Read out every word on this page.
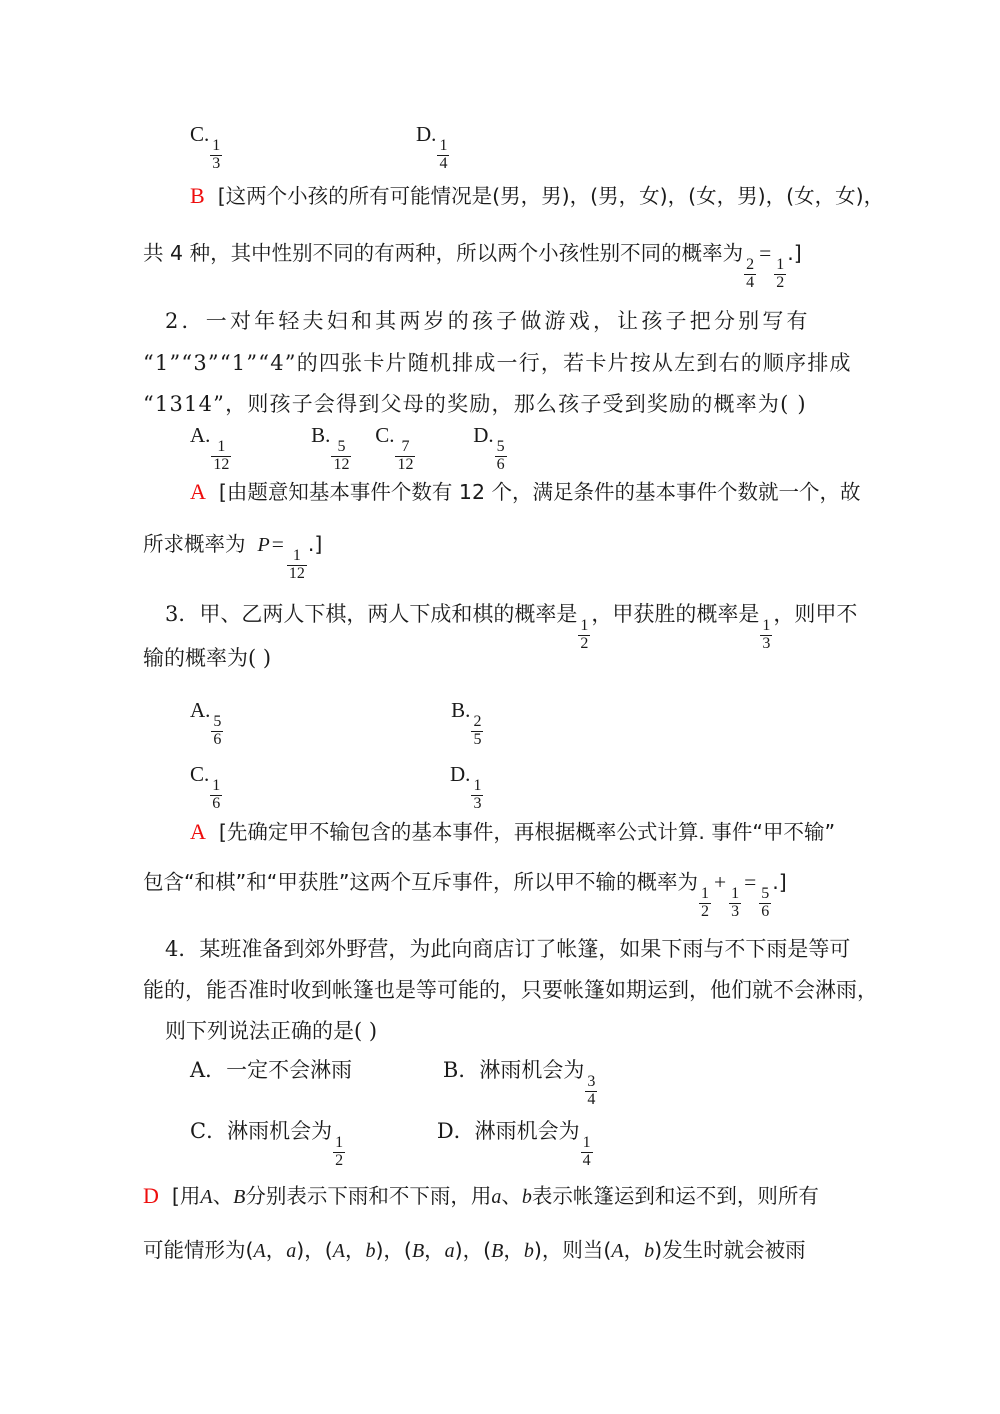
C.
$\frac{1}{3}$
D.
$\frac{1}{4}$
B [这两个小孩的所有可能情况是(男，男)，(男，女)，(女，男)，(女，女)，
共 4 种，其中性别不同的有两种，所以两个小孩性别不同的概率为
$\frac{2}{4}$
=
$\frac{1}{2}$
.]
2．一对年轻夫妇和其两岁的孩子做游戏，让孩子把分别写有
“1”“3”“1”“4”的四张卡片随机排成一行，若卡片按从左到右的顺序排成
“1314”，则孩子会得到父母的奖励，那么孩子受到奖励的概率为( )
A.
$\frac{1}{12}$
B.
$\frac{5}{12}$
C.
$\frac{7}{12}$
D.
$\frac{5}{6}$
A [由题意知基本事件个数有 12 个，满足条件的基本事件个数就一个，故
所求概率为 P=
$\frac{1}{12}$
.]
3．甲、乙两人下棋，两人下成和棋的概率是
$\frac{1}{2}$
，甲获胜的概率是
$\frac{1}{3}$
，则甲不
输的概率为( )
A.
$\frac{5}{6}$
B.
$\frac{2}{5}$
C.
$\frac{1}{6}$
D.
$\frac{1}{3}$
A [先确定甲不输包含的基本事件，再根据概率公式计算. 事件“甲不输”
包含“和棋”和“甲获胜”这两个互斥事件，所以甲不输的概率为
$\frac{1}{2}$
+
$\frac{1}{3}$
=
$\frac{5}{6}$
.]
4．某班准备到郊外野营，为此向商店订了帐篷，如果下雨与不下雨是等可
能的，能否准时收到帐篷也是等可能的，只要帐篷如期运到，他们就不会淋雨，
则下列说法正确的是( )
A．一定不会淋雨	B．淋雨机会为
$\frac{3}{4}$
C．淋雨机会为
$\frac{1}{2}$
D．淋雨机会为
$\frac{1}{4}$
D [用A、B分别表示下雨和不下雨，用a、b表示帐篷运到和运不到，则所有
可能情形为(A，a)，(A，b)，(B，a)，(B，b)，则当(A，b)发生时就会被雨
